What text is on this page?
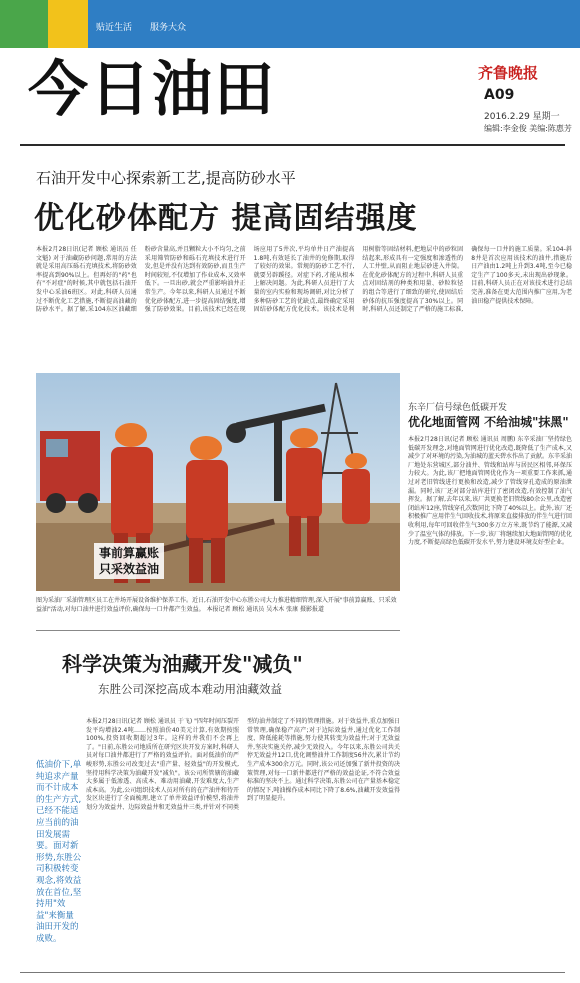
贴近生活 服务大众
今日油田	齐鲁晚报
A09
2016.2.29 星期一
编辑:李金俊 美编:陈惠芳
石油开发中心探索新工艺,提高防砂水平
优化砂体配方 提高固结强度
本报2月28日讯(记者 顾松 通讯员 任文魁) 对于油藏防砂问题,常用的方法就是采用高压砾石充填技术,将防砂效率提高到90%以上。但再好的"药"也有"不对症"的时候,其中就包括石油开发中心采油6班区。对此,科研人员通过不断优化工艺措施,不断提高油藏的防砂水平。据了解,采104东区油藏细粉砂含量高,并且颗粒大小不均匀,之前采用筛管防砂和砾石充填技术进行开发,但是并没有达到有效防砂,而且生产时间较短,不仅增加了作业成本,又效率低下。一旦出砂,就会严重影响油井正常生产。今年以来,科研人员通过不断优化砂体配方,进一步提高固结强度,增强了防砂效果。目前,该技术已经在现场应用了5井次,平均单井日产油提高1.8吨,有效延长了油井的免修期,取得了较好的效果。常规的防砂工艺不行,就要另辟蹊径。对症下药,才能从根本上解决问题。为此,科研人员进行了大量的室内实验和现场调研,对比分析了多种防砂工艺的优缺点,最终确定采用固结砂体配方优化技术。该技术是利用树脂等固结材料,把地层中的砂粒固结起来,形成具有一定强度和渗透性的人工井壁,从而阻止地层砂进入井筒。在优化砂体配方的过程中,科研人员重点对固结剂的种类和用量、砂粒粒径的组合等进行了细致的研究,使固结后砂体的抗压强度提高了30%以上。同时,科研人员还制定了严格的施工标准,确保每一口井的施工质量。采104-斜8井是首次应用该技术的油井,措施后日产油由1.2吨上升到3.4吨,至今已稳定生产了100多天,未出现出砂现象。目前,科研人员正在对该技术进行总结完善,准备在更大范围内推广应用,为老油田稳产提供技术保障。
事前算赢账
只采效益油
图为采油厂采油管理区员工在井场开展设备维护保养工作。近日,石油开发中心东胜公司大力推进精细管理,深入开展"事前算赢账、只采效益油"活动,对每口油井进行效益评价,确保每一口井都产生效益。 本报记者 顾松 通讯员 吴木木 张康 摄影报道
东辛厂信号绿色低碳开发
优化地面管网 不给油城"抹黑"
本报2月28日讯(记者 顾松 通讯员 周鹏) 东辛采油厂坚持绿色低碳开发理念,对地面管网进行优化改造,既降低了生产成本,又减少了对环境的污染,为油城的蓝天碧水作出了贡献。东辛采油厂地处东营城区,部分油井、管线和站库与居民区相邻,环保压力较大。为此,该厂把地面管网优化作为一项重要工作来抓,通过对老旧管线进行更换和改造,减少了管线穿孔造成的原油泄漏。同时,该厂还对部分站库进行了密闭改造,有效控制了油气挥发。据了解,去年以来,该厂共更换老旧管线80余公里,改造密闭站库12座,管线穿孔次数同比下降了40%以上。此外,该厂还积极推广应用伴生气回收技术,将原来直接排放的伴生气进行回收利用,每年可回收伴生气300多万立方米,既节约了能源,又减少了温室气体的排放。下一步,该厂将继续加大地面管网的优化力度,不断提高绿色低碳开发水平,努力建设环境友好型企业。
科学决策为油藏开发"减负"
东胜公司深挖高成本难动用油藏效益
低油价下,单纯追求产量而不计成本的生产方式,已经不能适应当前的油田发展需要。面对新形势,东胜公司积极转变观念,将效益放在首位,坚持用"效益"来衡量油田开发的成败。
本报2月28日讯(记者 顾松 通讯员 于飞) "四年时间压裂开发平均增油2.4吨……按照油价40美元计算,有效期按照100%,投资回收期超过3年。这样的井我们不会再上了。"日前,东胜公司地质所在研究区块开发方案时,科研人员对每口油井都进行了严格的效益评价。面对低油价的严峻形势,东胜公司改变过去"重产量、轻效益"的开发模式,坚持用科学决策为油藏开发"减负"。该公司所管辖的油藏大多属于低渗透、高成本、难动用油藏,开发难度大,生产成本高。为此,公司组织技术人员对所有的在产油井和待开发区块进行了全面梳理,建立了单井效益评价模型,将油井划分为效益井、边际效益井和无效益井三类,并针对不同类型的油井制定了不同的管理措施。对于效益井,重点加强日常管理,确保稳产高产;对于边际效益井,通过优化工作制度、降低能耗等措施,努力使其转变为效益井;对于无效益井,坚决实施关停,减少无效投入。今年以来,东胜公司共关停无效益井12口,优化调整油井工作制度56井次,累计节约生产成本300余万元。同时,该公司还加强了新井投资的决策管理,对每一口新井都进行严格的效益论证,不符合效益标准的坚决不上。通过科学决策,东胜公司在产量基本稳定的情况下,吨油操作成本同比下降了8.6%,油藏开发效益得到了明显提升。
